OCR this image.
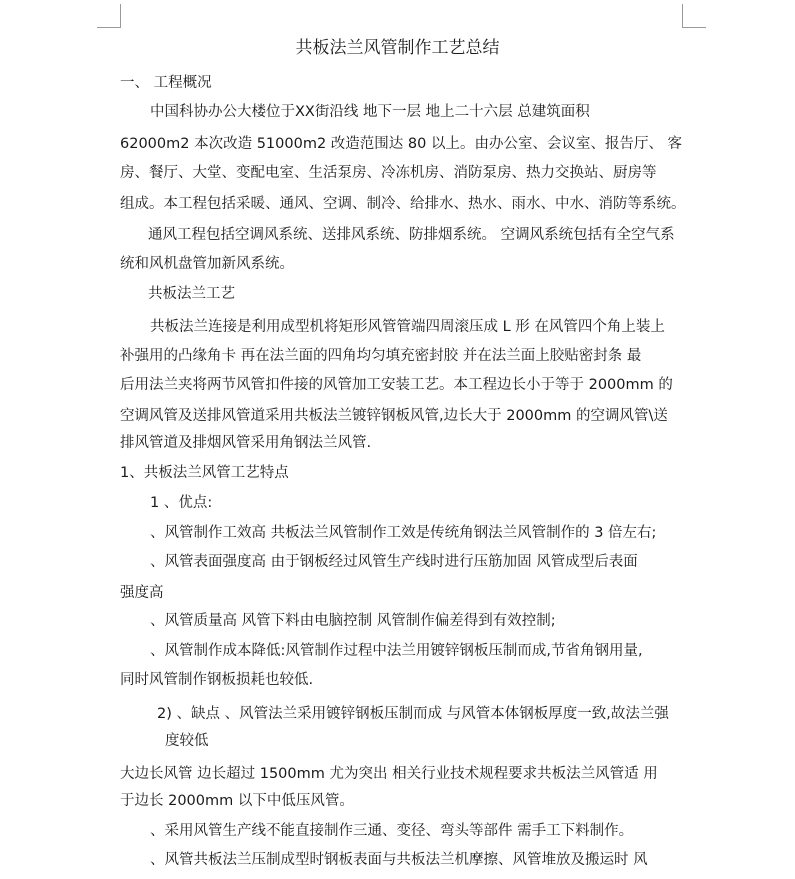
共板法兰风管制作工艺总结
一、 工程概况
中国科协办公大楼位于XX街沿线 地下一层 地上二十六层 总建筑面积
62000m2 本次改造 51000m2 改造范围达 80 以上。由办公室、会议室、报告厅、 客
房、餐厅、大堂、变配电室、生活泵房、冷冻机房、消防泵房、热力交换站、厨房等
组成。本工程包括采暖、通风、空调、制冷、给排水、热水、雨水、中水、消防等系统。
通风工程包括空调风系统、送排风系统、防排烟系统。 空调风系统包括有全空气系
统和风机盘管加新风系统。
共板法兰工艺
共板法兰连接是利用成型机将矩形风管管端四周滚压成 L 形 在风管四个角上装上
补强用的凸缘角卡 再在法兰面的四角均匀填充密封胶 并在法兰面上胶贴密封条 最
后用法兰夹将两节风管扣件接的风管加工安装工艺。本工程边长小于等于 2000mm 的
空调风管及送排风管道采用共板法兰镀锌钢板风管,边长大于 2000mm 的空调风管\送
排风管道及排烟风管采用角钢法兰风管.
1、共板法兰风管工艺特点
1 、优点:
、风管制作工效高 共板法兰风管制作工效是传统角钢法兰风管制作的 3 倍左右;
、风管表面强度高 由于钢板经过风管生产线时进行压筋加固 风管成型后表面
强度高
、风管质量高 风管下料由电脑控制 风管制作偏差得到有效控制;
、风管制作成本降低:风管制作过程中法兰用镀锌钢板压制而成,节省角钢用量,
同时风管制作钢板损耗也较低.
2) 、缺点 、风管法兰采用镀锌钢板压制而成 与风管本体钢板厚度一致,故法兰强
度较低
大边长风管 边长超过 1500mm 尤为突出 相关行业技术规程要求共板法兰风管适 用
于边长 2000mm 以下中低压风管。
、采用风管生产线不能直接制作三通、变径、弯头等部件 需手工下料制作。
、风管共板法兰压制成型时钢板表面与共板法兰机摩擦、风管堆放及搬运时 风
